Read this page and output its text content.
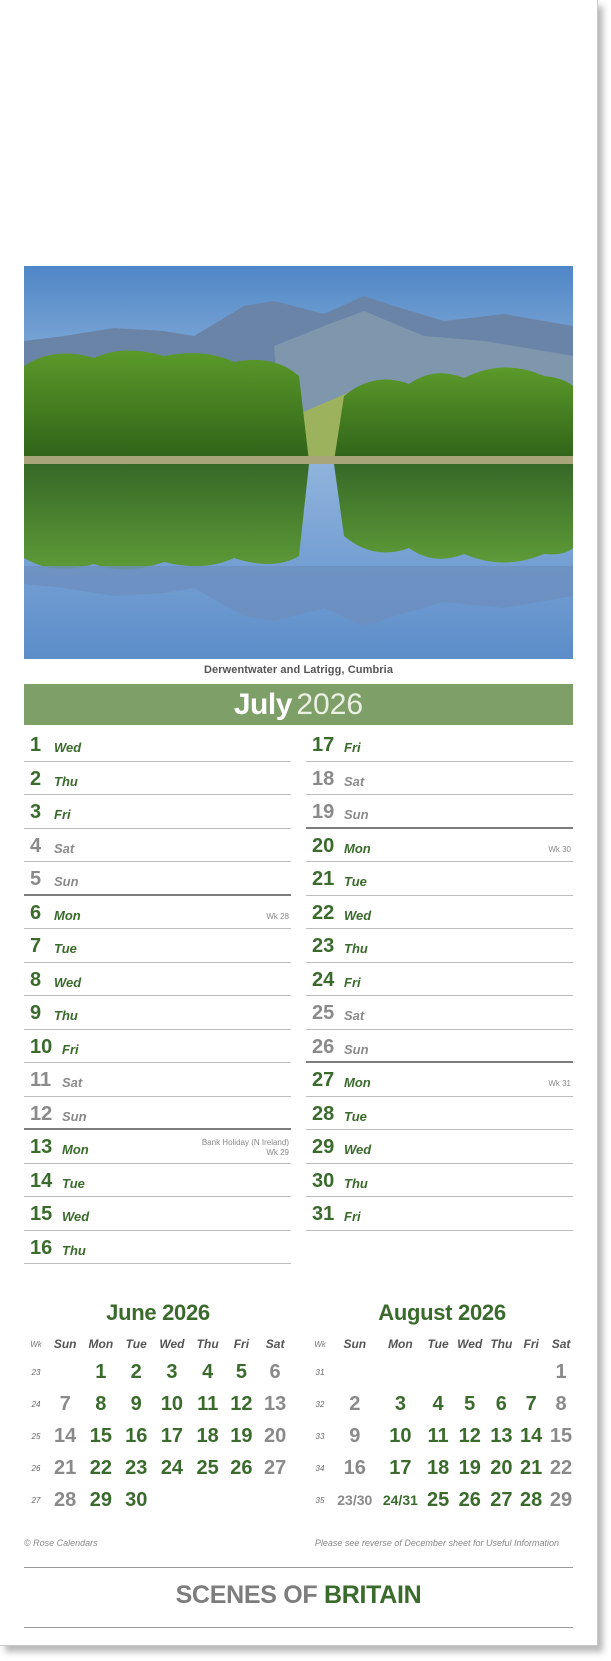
Derwentwater and Latrigg, Cumbria
July 2026
1 Wed
2 Thu
3 Fri
4 Sat
5 Sun
6 Mon	Wk 28
7 Tue
8 Wed
9 Thu
10 Fri
11 Sat
12 Sun
13 Mon	Bank Holiday (N Ireland)
Wk 29
14 Tue
15 Wed
16 Thu
17 Fri
18 Sat
19 Sun
20 Mon	Wk 30
21 Tue
22 Wed
23 Thu
24 Fri
25 Sat
26 Sun
27 Mon	Wk 31
28 Tue
29 Wed
30 Thu
31 Fri
June 2026
Wk	Sun	Mon	Tue	Wed	Thu	Fri	Sat
23		1	2	3	4	5	6
24	7	8	9	10	11	12	13
25	14	15	16	17	18	19	20
26	21	22	23	24	25	26	27
27	28	29	30				
August 2026
Wk	Sun	Mon	Tue	Wed	Thu	Fri	Sat
31							1
32	2	3	4	5	6	7	8
33	9	10	11	12	13	14	15
34	16	17	18	19	20	21	22
35	23/30	24/31	25	26	27	28	29
© Rose Calendars	Please see reverse of December sheet for Useful Information
SCENES OF BRITAIN
